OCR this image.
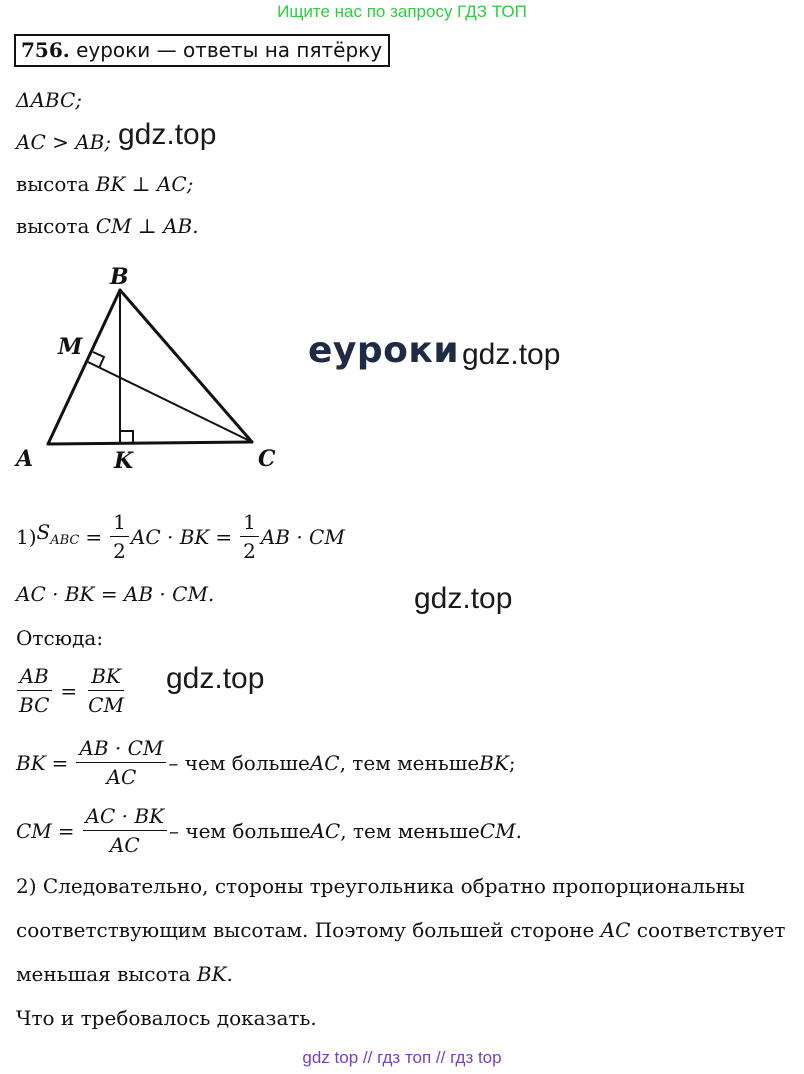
Ищите нас по запросу ГДЗ ТОП
756. еуроки — ответы на пятёрку
ΔABC;
AC > AB; gdz.top
высота BK ⊥ AC;
высота CM ⊥ AB.
B
M
A	K	C
еуроки gdz.top
1) $S_{ABC} = \frac{1}{2}$ AC · BK = $\frac{1}{2}$ AB · CM
AC · BK = AB · CM.	gdz.top
Отсюда:
$\frac{AB}{BC} = \frac{BK}{CM} gdz.top$
BK = $\frac{AB \cdot CM}{AC}$ – чем больше AC , тем меньше BK ;
CM = $\frac{AC \cdot BK}{AC}$ – чем больше AC , тем меньше CM .
2) Следовательно, стороны треугольника обратно пропорциональны
соответствующим высотам. Поэтому большей стороне AC соответствует
меньшая высота BK.
Что и требовалось доказать.
gdz top // гдз топ // гдз top
